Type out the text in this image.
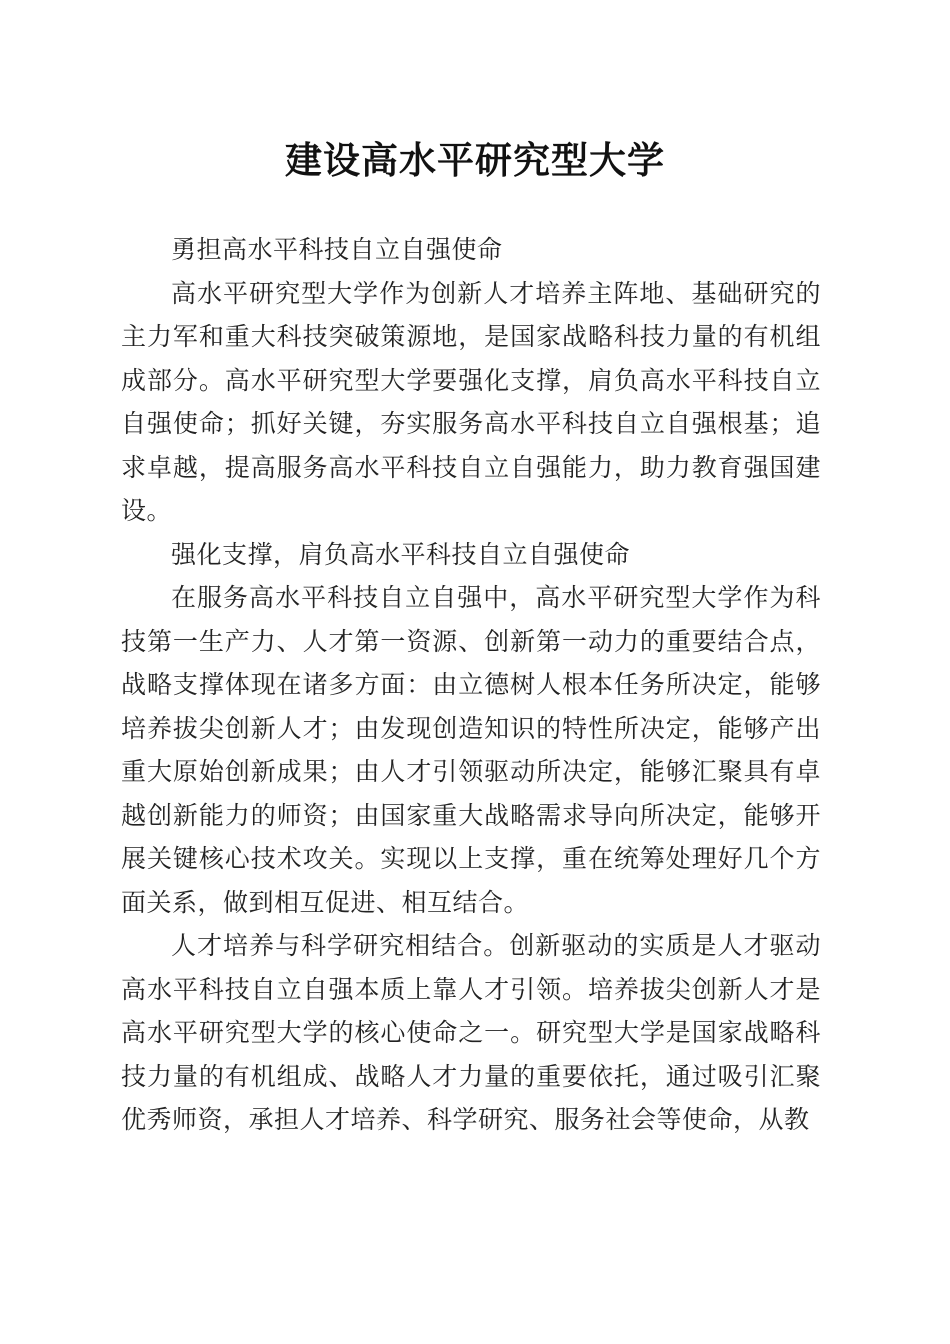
建设高水平研究型大学

勇担高水平科技自立自强使命

高水平研究型大学作为创新人才培养主阵地、基础研究的主力军和重大科技突破策源地，是国家战略科技力量的有机组成部分。高水平研究型大学要强化支撑，肩负高水平科技自立自强使命；抓好关键，夯实服务高水平科技自立自强根基；追求卓越，提高服务高水平科技自立自强能力，助力教育强国建设。

强化支撑，肩负高水平科技自立自强使命

在服务高水平科技自立自强中，高水平研究型大学作为科技第一生产力、人才第一资源、创新第一动力的重要结合点，战略支撑体现在诸多方面：由立德树人根本任务所决定，能够培养拔尖创新人才；由发现创造知识的特性所决定，能够产出重大原始创新成果；由人才引领驱动所决定，能够汇聚具有卓越创新能力的师资；由国家重大战略需求导向所决定，能够开展关键核心技术攻关。实现以上支撑，重在统筹处理好几个方面关系，做到相互促进、相互结合。

人才培养与科学研究相结合。创新驱动的实质是人才驱动高水平科技自立自强本质上靠人才引领。培养拔尖创新人才是高水平研究型大学的核心使命之一。研究型大学是国家战略科技力量的有机组成、战略人才力量的重要依托，通过吸引汇聚优秀师资，承担人才培养、科学研究、服务社会等使命，从教
